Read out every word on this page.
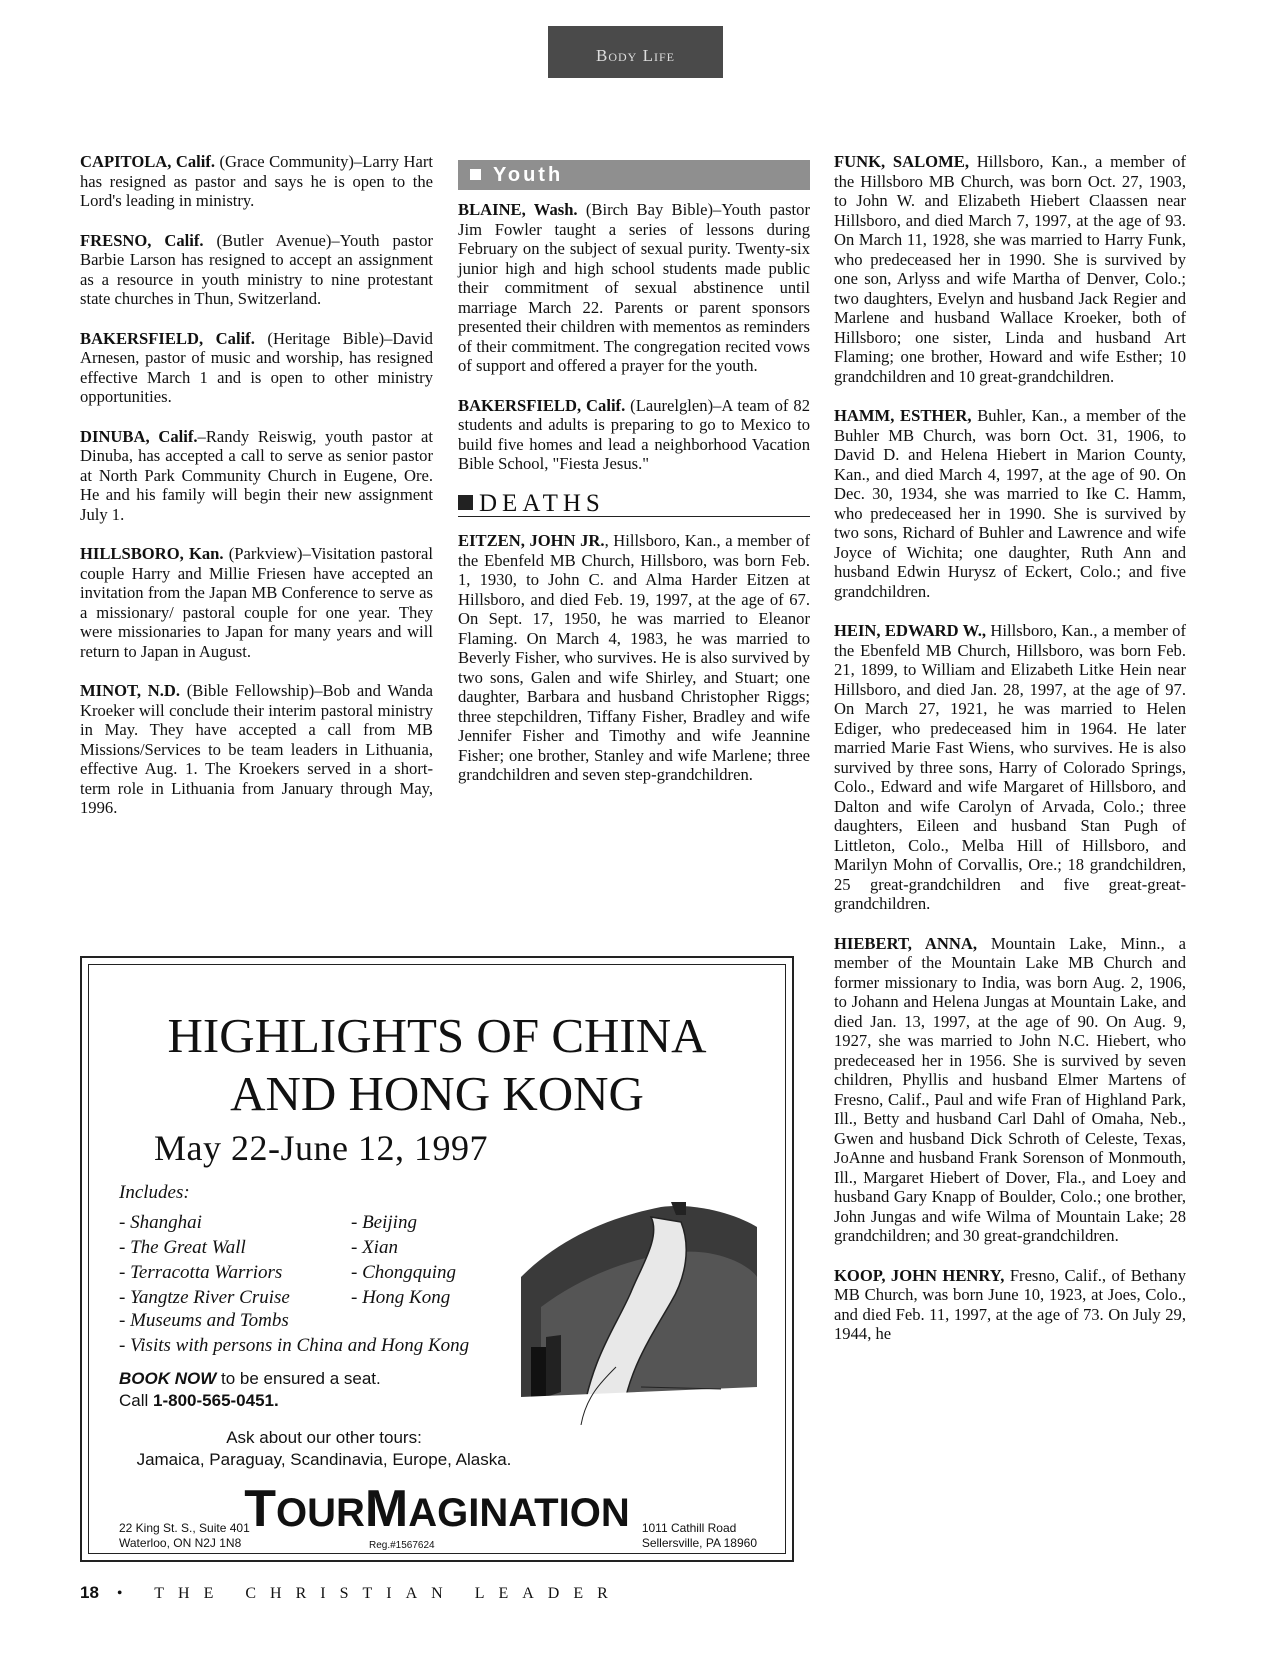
Body Life

CAPITOLA, Calif. (Grace Community)–Larry Hart has resigned as pastor and says he is open to the Lord's leading in ministry.

FRESNO, Calif. (Butler Avenue)–Youth pastor Barbie Larson has resigned to accept an assignment as a resource in youth ministry to nine protestant state churches in Thun, Switzerland.

BAKERSFIELD, Calif. (Heritage Bible)–David Arnesen, pastor of music and worship, has resigned effective March 1 and is open to other ministry opportunities.

DINUBA, Calif.–Randy Reiswig, youth pastor at Dinuba, has accepted a call to serve as senior pastor at North Park Community Church in Eugene, Ore. He and his family will begin their new assignment July 1.

HILLSBORO, Kan. (Parkview)–Visitation pastoral couple Harry and Millie Friesen have accepted an invitation from the Japan MB Conference to serve as a missionary/ pastoral couple for one year. They were missionaries to Japan for many years and will return to Japan in August.

MINOT, N.D. (Bible Fellowship)–Bob and Wanda Kroeker will conclude their interim pastoral ministry in May. They have accepted a call from MB Missions/Services to be team leaders in Lithuania, effective Aug. 1. The Kroekers served in a short-term role in Lithuania from January through May, 1996.

Youth

BLAINE, Wash. (Birch Bay Bible)–Youth pastor Jim Fowler taught a series of lessons during February on the subject of sexual purity. Twenty-six junior high and high school students made public their commitment of sexual abstinence until marriage March 22. Parents or parent sponsors presented their children with mementos as reminders of their commitment. The congregation recited vows of support and offered a prayer for the youth.

BAKERSFIELD, Calif. (Laurelglen)–A team of 82 students and adults is preparing to go to Mexico to build five homes and lead a neighborhood Vacation Bible School, "Fiesta Jesus."

DEATHS

EITZEN, JOHN JR., Hillsboro, Kan., a member of the Ebenfeld MB Church, Hillsboro, was born Feb. 1, 1930, to John C. and Alma Harder Eitzen at Hillsboro, and died Feb. 19, 1997, at the age of 67. On Sept. 17, 1950, he was married to Eleanor Flaming. On March 4, 1983, he was married to Beverly Fisher, who survives. He is also survived by two sons, Galen and wife Shirley, and Stuart; one daughter, Barbara and husband Christopher Riggs; three stepchildren, Tiffany Fisher, Bradley and wife Jennifer Fisher and Timothy and wife Jeannine Fisher; one brother, Stanley and wife Marlene; three grandchildren and seven step-grandchildren.

FUNK, SALOME, Hillsboro, Kan., a member of the Hillsboro MB Church, was born Oct. 27, 1903, to John W. and Elizabeth Hiebert Claassen near Hillsboro, and died March 7, 1997, at the age of 93. On March 11, 1928, she was married to Harry Funk, who predeceased her in 1990. She is survived by one son, Arlyss and wife Martha of Denver, Colo.; two daughters, Evelyn and husband Jack Regier and Marlene and husband Wallace Kroeker, both of Hillsboro; one sister, Linda and husband Art Flaming; one brother, Howard and wife Esther; 10 grandchildren and 10 great-grandchildren.

HAMM, ESTHER, Buhler, Kan., a member of the Buhler MB Church, was born Oct. 31, 1906, to David D. and Helena Hiebert in Marion County, Kan., and died March 4, 1997, at the age of 90. On Dec. 30, 1934, she was married to Ike C. Hamm, who predeceased her in 1990. She is survived by two sons, Richard of Buhler and Lawrence and wife Joyce of Wichita; one daughter, Ruth Ann and husband Edwin Hurysz of Eckert, Colo.; and five grandchildren.

HEIN, EDWARD W., Hillsboro, Kan., a member of the Ebenfeld MB Church, Hillsboro, was born Feb. 21, 1899, to William and Elizabeth Litke Hein near Hillsboro, and died Jan. 28, 1997, at the age of 97. On March 27, 1921, he was married to Helen Ediger, who predeceased him in 1964. He later married Marie Fast Wiens, who survives. He is also survived by three sons, Harry of Colorado Springs, Colo., Edward and wife Margaret of Hillsboro, and Dalton and wife Carolyn of Arvada, Colo.; three daughters, Eileen and husband Stan Pugh of Littleton, Colo., Melba Hill of Hillsboro, and Marilyn Mohn of Corvallis, Ore.; 18 grandchildren, 25 great-grandchildren and five great-great-grandchildren.

HIEBERT, ANNA, Mountain Lake, Minn., a member of the Mountain Lake MB Church and former missionary to India, was born Aug. 2, 1906, to Johann and Helena Jungas at Mountain Lake, and died Jan. 13, 1997, at the age of 90. On Aug. 9, 1927, she was married to John N.C. Hiebert, who predeceased her in 1956. She is survived by seven children, Phyllis and husband Elmer Martens of Fresno, Calif., Paul and wife Fran of Highland Park, Ill., Betty and husband Carl Dahl of Omaha, Neb., Gwen and husband Dick Schroth of Celeste, Texas, JoAnne and husband Frank Sorenson of Monmouth, Ill., Margaret Hiebert of Dover, Fla., and Loey and husband Gary Knapp of Boulder, Colo.; one brother, John Jungas and wife Wilma of Mountain Lake; 28 grandchildren; and 30 great-grandchildren.

KOOP, JOHN HENRY, Fresno, Calif., of Bethany MB Church, was born June 10, 1923, at Joes, Colo., and died Feb. 11, 1997, at the age of 73. On July 29, 1944, he

HIGHLIGHTS OF CHINA
AND HONG KONG
May 22-June 12, 1997
Includes:
- Shanghai
- The Great Wall
- Terracotta Warriors
- Yangtze River Cruise
- Beijing
- Xian
- Chongquing
- Hong Kong
- Museums and Tombs
- Visits with persons in China and Hong Kong
BOOK NOW to be ensured a seat.
Call 1-800-565-0451.
Ask about our other tours:
Jamaica, Paraguay, Scandinavia, Europe, Alaska.
TOURMAGINATION
22 King St. S., Suite 401
Waterloo, ON N2J 1N8	Reg.#1567624
1011 Cathill Road
Sellersville, PA 18960
18 • THE CHRISTIAN LEADER
